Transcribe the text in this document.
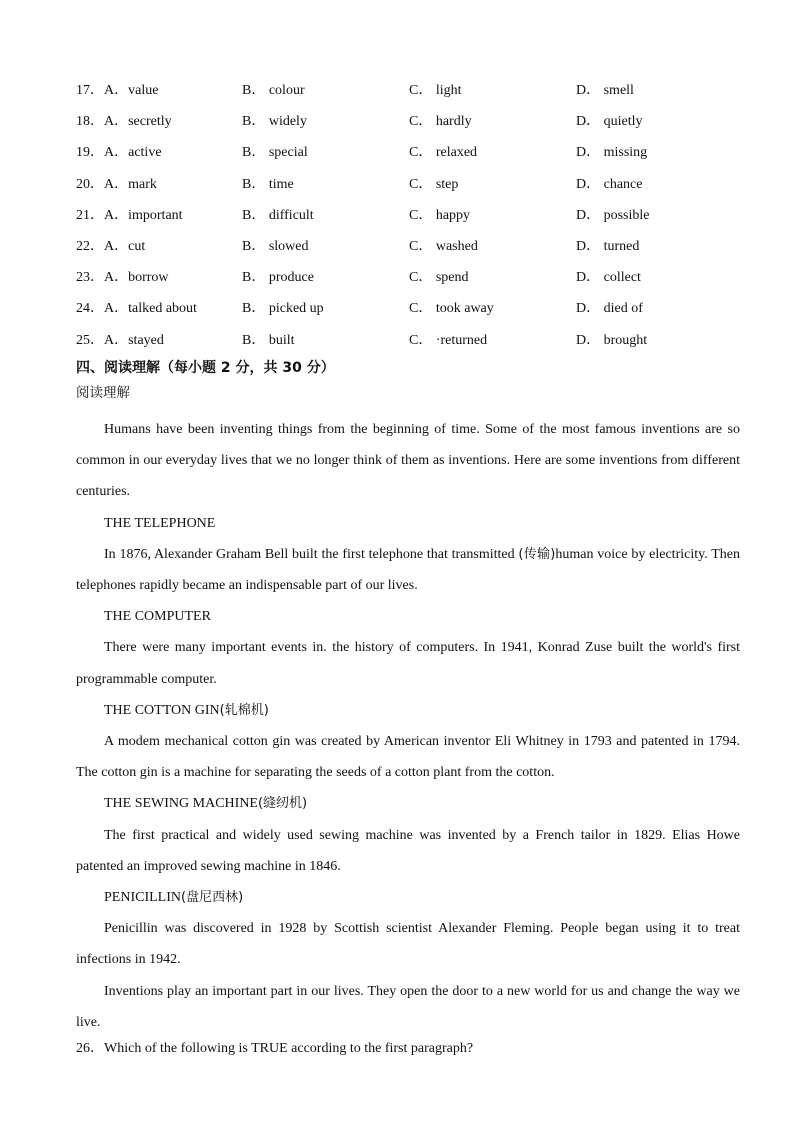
17．A．value	B． colour	C． light	D． smell
18．A．secretly	B． widely	C． hardly	D． quietly
19．A．active	B． special	C． relaxed	D． missing
20．A．mark	B． time	C． step	D． chance
21．A．important	B． difficult	C． happy	D． possible
22．A．cut	B． slowed	C． washed	D． turned
23．A．borrow	B． produce	C． spend	D． collect
24．A．talked about	B． picked up	C． took away	D． died of
25．A．stayed	B． built	C． ·returned	D． brought
四、阅读理解（每小题 2 分，共 30 分）
阅读理解

Humans have been inventing things from the beginning of time. Some of the most famous inventions are so common in our everyday lives that we no longer think of them as inventions. Here are some inventions from different centuries.

THE TELEPHONE

In 1876, Alexander Graham Bell built the first telephone that transmitted (传输)human voice by electricity. Then telephones rapidly became an indispensable part of our lives.

THE COMPUTER

There were many important events in. the history of computers. In 1941, Konrad Zuse built the world's first programmable computer.

THE COTTON GIN(轧棉机)

A modem mechanical cotton gin was created by American inventor Eli Whitney in 1793 and patented in 1794. The cotton gin is a machine for separating the seeds of a cotton plant from the cotton.

THE SEWING MACHINE(缝纫机)

The first practical and widely used sewing machine was invented by a French tailor in 1829. Elias Howe patented an improved sewing machine in 1846.

PENICILLIN(盘尼西林)

Penicillin was discovered in 1928 by Scottish scientist Alexander Fleming. People began using it to treat infections in 1942.

Inventions play an important part in our lives. They open the door to a new world for us and change the way we live.

26．Which of the following is TRUE according to the first paragraph?
